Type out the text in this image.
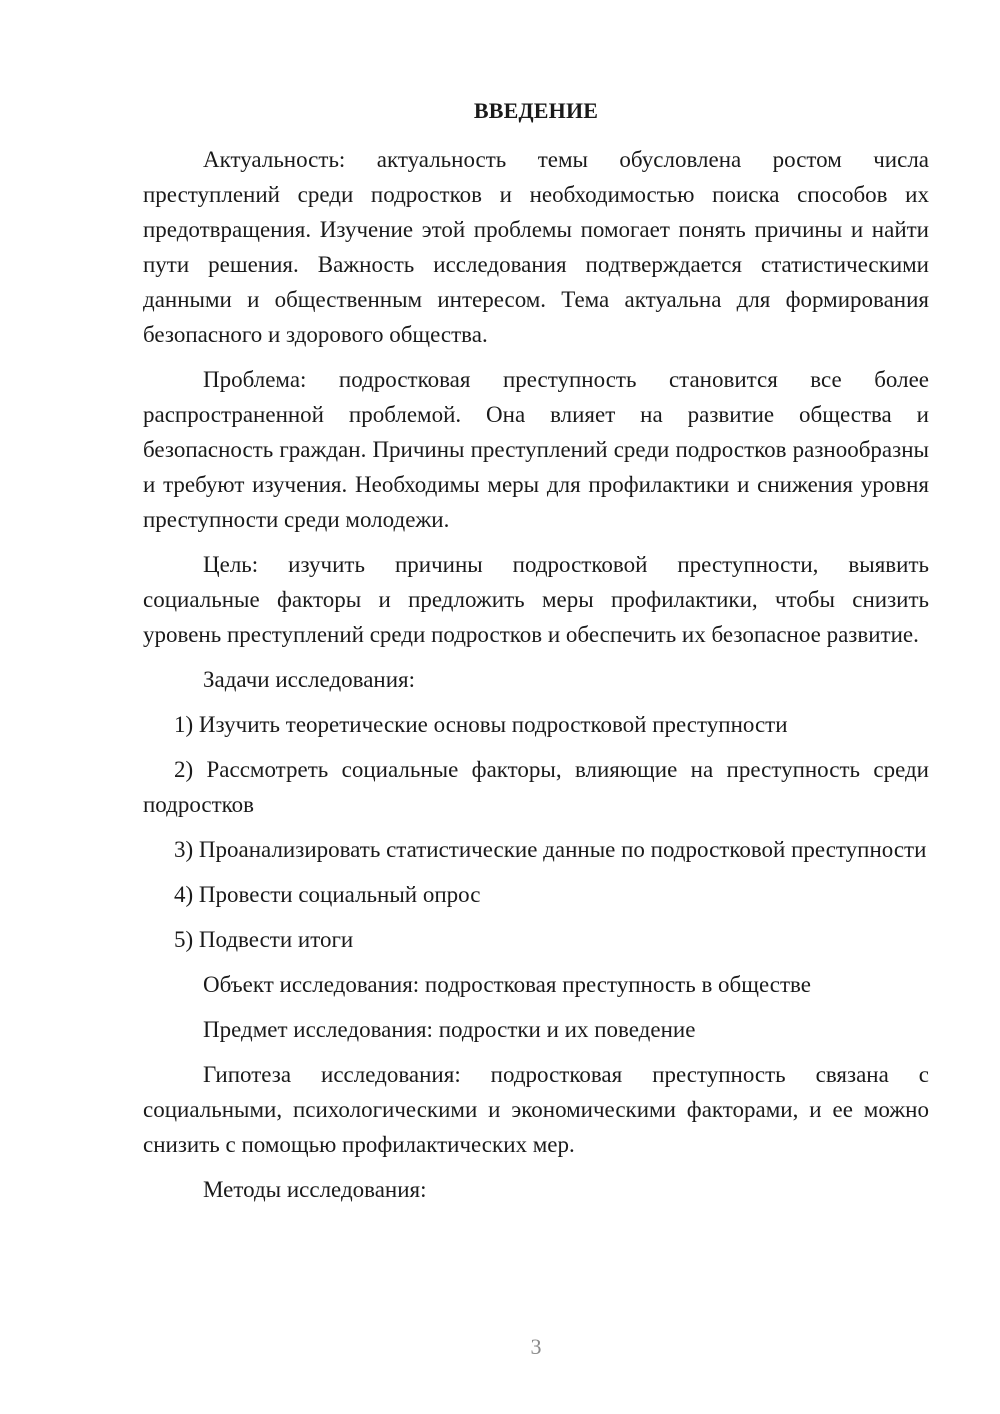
ВВЕДЕНИЕ

Актуальность: актуальность темы обусловлена ростом числа преступлений среди подростков и необходимостью поиска способов их предотвращения. Изучение этой проблемы помогает понять причины и найти пути решения. Важность исследования подтверждается статистическими данными и общественным интересом. Тема актуальна для формирования безопасного и здорового общества.

Проблема: подростковая преступность становится все более распространенной проблемой. Она влияет на развитие общества и безопасность граждан. Причины преступлений среди подростков разнообразны и требуют изучения. Необходимы меры для профилактики и снижения уровня преступности среди молодежи.

Цель: изучить причины подростковой преступности, выявить социальные факторы и предложить меры профилактики, чтобы снизить уровень преступлений среди подростков и обеспечить их безопасное развитие.

Задачи исследования:

1) Изучить теоретические основы подростковой преступности

2) Рассмотреть социальные факторы, влияющие на преступность среди подростков

3) Проанализировать статистические данные по подростковой преступности

4) Провести социальный опрос

5) Подвести итоги

Объект исследования: подростковая преступность в обществе

Предмет исследования: подростки и их поведение

Гипотеза исследования: подростковая преступность связана с социальными, психологическими и экономическими факторами, и ее можно снизить с помощью профилактических мер.

Методы исследования:

3
